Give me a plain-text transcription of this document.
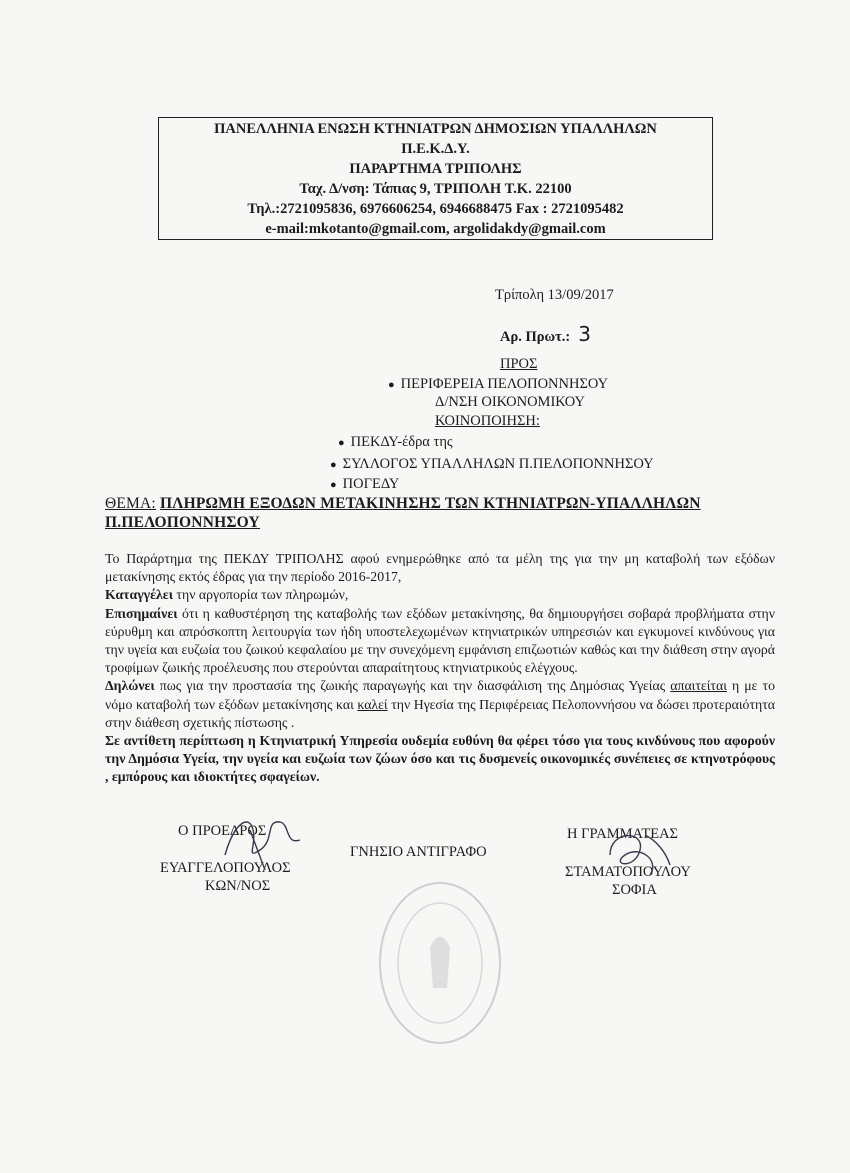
ΠΑΝΕΛΛΗΝΙΑ ΕΝΩΣΗ ΚΤΗΝΙΑΤΡΩΝ ΔΗΜΟΣΙΩΝ ΥΠΑΛΛΗΛΩΝ
Π.Ε.Κ.Δ.Υ.
ΠΑΡΑΡΤΗΜΑ ΤΡΙΠΟΛΗΣ
Ταχ. Δ/νση: Τάπιας 9, ΤΡΙΠΟΛΗ Τ.Κ. 22100
Τηλ.:2721095836, 6976606254, 6946688475 Fax : 2721095482
e-mail:mkotanto@gmail.com, argolidakdy@gmail.com
Τρίπολη 13/09/2017
Αρ. Πρωτ.: 3
ΠΡΟΣ
● ΠΕΡΙΦΕΡΕΙΑ ΠΕΛΟΠΟΝΝΗΣΟΥ
Δ/ΝΣΗ ΟΙΚΟΝΟΜΙΚΟΥ
ΚΟΙΝΟΠΟΙΗΣΗ:
● ΠΕΚΔΥ-έδρα της
● ΣΥΛΛΟΓΟΣ ΥΠΑΛΛΗΛΩΝ Π.ΠΕΛΟΠΟΝΝΗΣΟΥ
● ΠΟΓΕΔΥ
ΘΕΜΑ: ΠΛΗΡΩΜΗ ΕΞΟΔΩΝ ΜΕΤΑΚΙΝΗΣΗΣ ΤΩΝ ΚΤΗΝΙΑΤΡΩΝ-ΥΠΑΛΛΗΛΩΝ Π.ΠΕΛΟΠΟΝΝΗΣΟΥ

Το Παράρτημα της ΠΕΚΔΥ ΤΡΙΠΟΛΗΣ αφού ενημερώθηκε από τα μέλη της για την μη καταβολή των εξόδων μετακίνησης εκτός έδρας για την περίοδο 2016-2017,

Καταγγέλει την αργοπορία των πληρωμών,

Επισημαίνει ότι η καθυστέρηση της καταβολής των εξόδων μετακίνησης, θα δημιουργήσει σοβαρά προβλήματα στην εύρυθμη και απρόσκοπτη λειτουργία των ήδη υποστελεχωμένων κτηνιατρικών υπηρεσιών και εγκυμονεί κινδύνους για την υγεία και ευζωία του ζωικού κεφαλαίου με την συνεχόμενη εμφάνιση επιζωοτιών καθώς και την διάθεση στην αγορά τροφίμων ζωικής προέλευσης που στερούνται απαραίτητους κτηνιατρικούς ελέγχους.

Δηλώνει πως για την προστασία της ζωικής παραγωγής και την διασφάλιση της Δημόσιας Υγείας απαιτείται η με το νόμο καταβολή των εξόδων μετακίνησης και καλεί την Ηγεσία της Περιφέρειας Πελοποννήσου να δώσει προτεραιότητα στην διάθεση σχετικής πίστωσης .

Σε αντίθετη περίπτωση η Κτηνιατρική Υπηρεσία ουδεμία ευθύνη θα φέρει τόσο για τους κινδύνους που αφορούν την Δημόσια Υγεία, την υγεία και ευζωία των ζώων όσο και τις δυσμενείς οικονομικές συνέπειες σε κτηνοτρόφους , εμπόρους και ιδιοκτήτες σφαγείων.

Ο ΠΡΟΕΔΡΟΣ
ΕΥΑΓΓΕΛΟΠΟΥΛΟΣ
ΚΩΝ/ΝΟΣ
ΓΝΗΣΙΟ ΑΝΤΙΓΡΑΦΟ
Η ΓΡΑΜΜΑΤΕΑΣ
ΣΤΑΜΑΤΟΠΟΥΛΟΥ
ΣΟΦΙΑ
